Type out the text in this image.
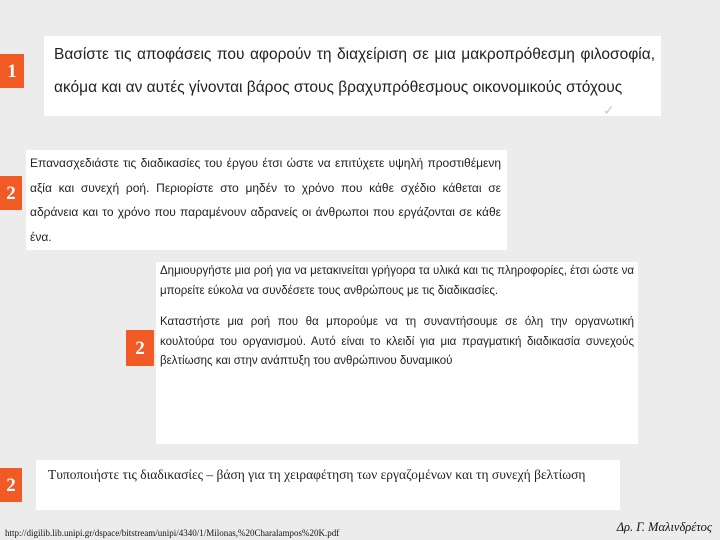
Βασίστε τις αποφάσεις που αφορούν τη διαχείριση σε μια μακροπρόθεσμη φιλοσοφία, ακόμα και αν αυτές γίνονται βάρος στους βραχυπρόθεσμους οικονομικούς στόχους

1
✓

Επανασχεδιάστε τις διαδικασίες του έργου έτσι ώστε να επιτύχετε υψηλή προστιθέμενη αξία και συνεχή ροή. Περιορίστε στο μηδέν το χρόνο που κάθε σχέδιο κάθεται σε αδράνεια και το χρόνο που παραμένουν αδρανείς οι άνθρωποι που εργάζονται σε κάθε ένα.

2

Δημιουργήστε μια ροή για να μετακινείται γρήγορα τα υλικά και τις πληροφορίες, έτσι ώστε να μπορείτε εύκολα να συνδέσετε τους ανθρώπους με τις διαδικασίες.

Καταστήστε μια ροή που θα μπορούμε να τη συναντήσουμε σε όλη την οργανωτική κουλτούρα του οργανισμού. Αυτό είναι το κλειδί για μια πραγματική διαδικασία συνεχούς βελτίωσης και στην ανάπτυξη του ανθρώπινου δυναμικού

2

Τυποποιήστε τις διαδικασίες – βάση για τη χειραφέτηση των εργαζομένων και τη συνεχή βελτίωση

2
http://digilib.lib.unipi.gr/dspace/bitstream/unipi/4340/1/Milonas,%20Charalampos%20K.pdf	Δρ. Γ. Μαλινδρέτος
